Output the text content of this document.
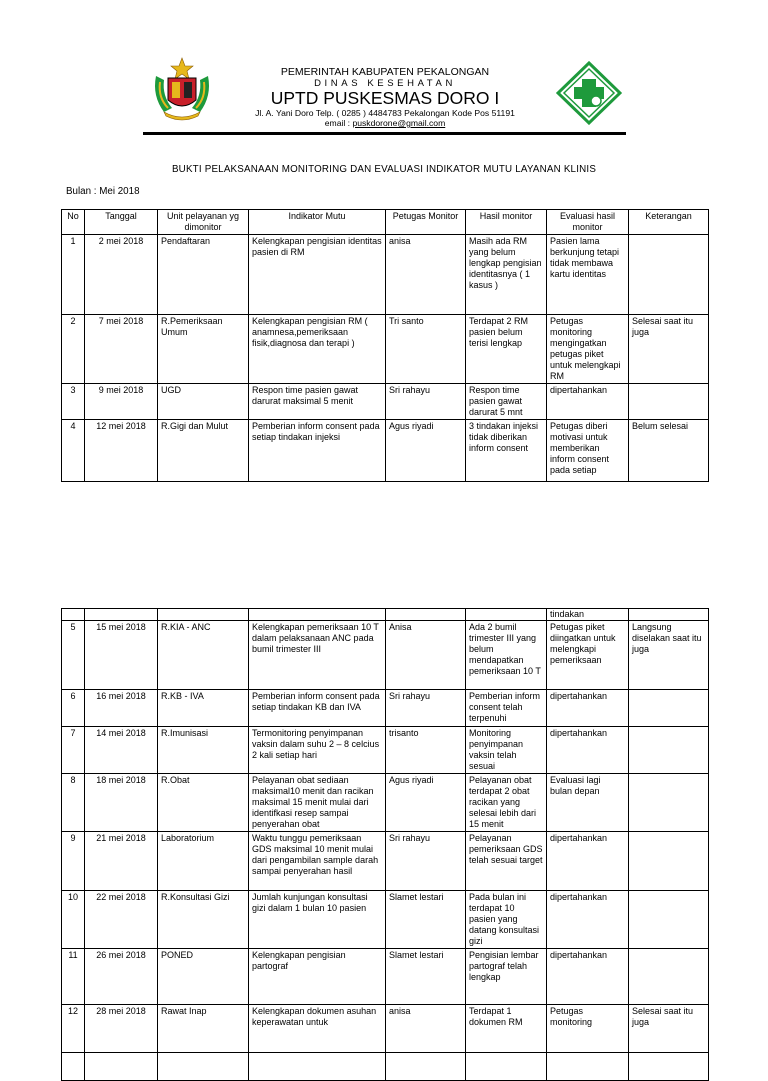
PEMERINTAH KABUPATEN PEKALONGAN
DINAS KESEHATAN
UPTD PUSKESMAS DORO I
Jl. A. Yani Doro Telp. ( 0285 ) 4484783 Pekalongan Kode Pos 51191
email : puskdorone@gmail.com
BUKTI PELAKSANAAN MONITORING DAN EVALUASI INDIKATOR MUTU LAYANAN KLINIS
Bulan : Mei 2018
No	Tanggal	Unit pelayanan yg dimonitor	Indikator Mutu	Petugas Monitor	Hasil monitor	Evaluasi hasil monitor	Keterangan
1	2 mei 2018	Pendaftaran	Kelengkapan pengisian identitas pasien di RM	anisa	Masih ada RM yang belum lengkap pengisian identitasnya ( 1 kasus )	Pasien lama berkunjung tetapi tidak membawa kartu identitas	
2	7 mei 2018	R.Pemeriksaan Umum	Kelengkapan pengisian RM ( anamnesa,pemeriksaan fisik,diagnosa dan terapi )	Tri santo	Terdapat 2 RM pasien belum terisi lengkap	Petugas monitoring mengingatkan petugas piket untuk melengkapi RM	Selesai saat itu juga
3	9 mei 2018	UGD	Respon time pasien gawat darurat maksimal 5 menit	Sri rahayu	Respon time pasien gawat darurat 5 mnt	dipertahankan	
4	12 mei 2018	R.Gigi dan Mulut	Pemberian inform consent pada setiap tindakan injeksi	Agus riyadi	3 tindakan injeksi tidak diberikan inform consent	Petugas diberi motivasi untuk memberikan inform consent pada setiap	Belum selesai
						tindakan	
5	15 mei 2018	R.KIA - ANC	Kelengkapan pemeriksaan 10 T dalam pelaksanaan ANC pada bumil trimester III	Anisa	Ada 2 bumil trimester III yang belum mendapatkan pemeriksaan 10 T	Petugas piket diingatkan untuk melengkapi pemeriksaan	Langsung diselakan saat itu juga
6	16 mei 2018	R.KB - IVA	Pemberian inform consent pada setiap tindakan KB dan IVA	Sri rahayu	Pemberian inform consent telah terpenuhi	dipertahankan	
7	14 mei 2018	R.Imunisasi	Termonitoring penyimpanan vaksin dalam suhu 2 – 8 celcius 2 kali setiap hari	trisanto	Monitoring penyimpanan vaksin telah sesuai	dipertahankan	
8	18 mei 2018	R.Obat	Pelayanan obat sediaan maksimal10 menit dan racikan maksimal 15 menit mulai dari identifkasi resep sampai penyerahan obat	Agus riyadi	Pelayanan obat terdapat 2 obat racikan yang selesai lebih dari 15 menit	Evaluasi lagi bulan depan	
9	21 mei 2018	Laboratorium	Waktu tunggu pemeriksaan GDS maksimal 10 menit mulai dari pengambilan sample darah sampai penyerahan hasil	Sri rahayu	Pelayanan pemeriksaan GDS telah sesuai target	dipertahankan	
10	22 mei 2018	R.Konsultasi Gizi	Jumlah kunjungan konsultasi gizi dalam 1 bulan 10 pasien	Slamet lestari	Pada bulan ini terdapat 10 pasien yang datang konsultasi gizi	dipertahankan	
11	26 mei 2018	PONED	Kelengkapan pengisian partograf	Slamet lestari	Pengisian lembar partograf telah lengkap	dipertahankan	
12	28 mei 2018	Rawat Inap	Kelengkapan dokumen asuhan keperawatan untuk	anisa	Terdapat 1 dokumen RM	Petugas monitoring	Selesai saat itu juga
